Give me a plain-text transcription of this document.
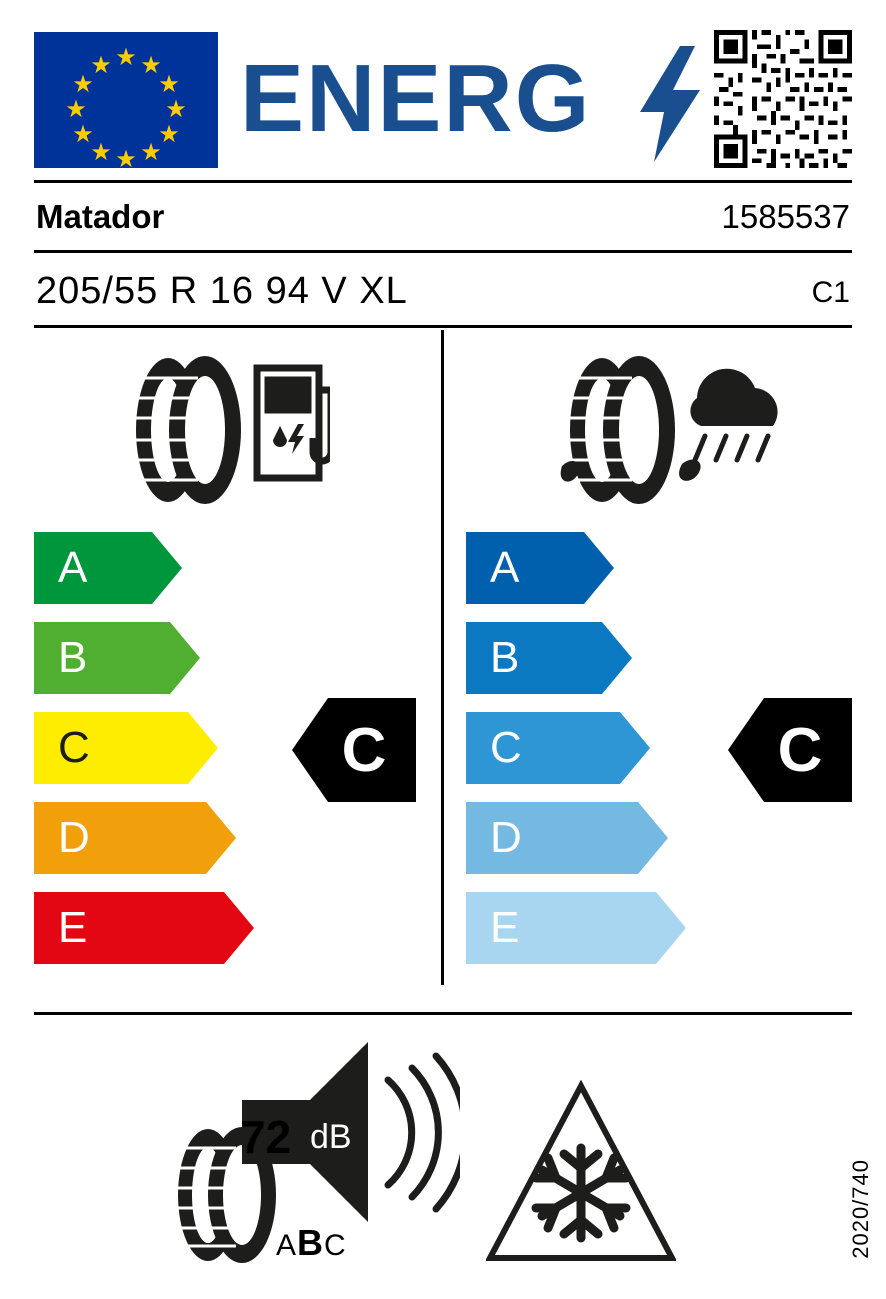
★ ★
★
★
★
★
★
★
★
★
★
★ ENERG
Matador	1585537
205/55 R 16 94 V XL	C1
A
B
C
D
E
C
A
B
C
D
E
C
72 dB
ABC	2020/740
